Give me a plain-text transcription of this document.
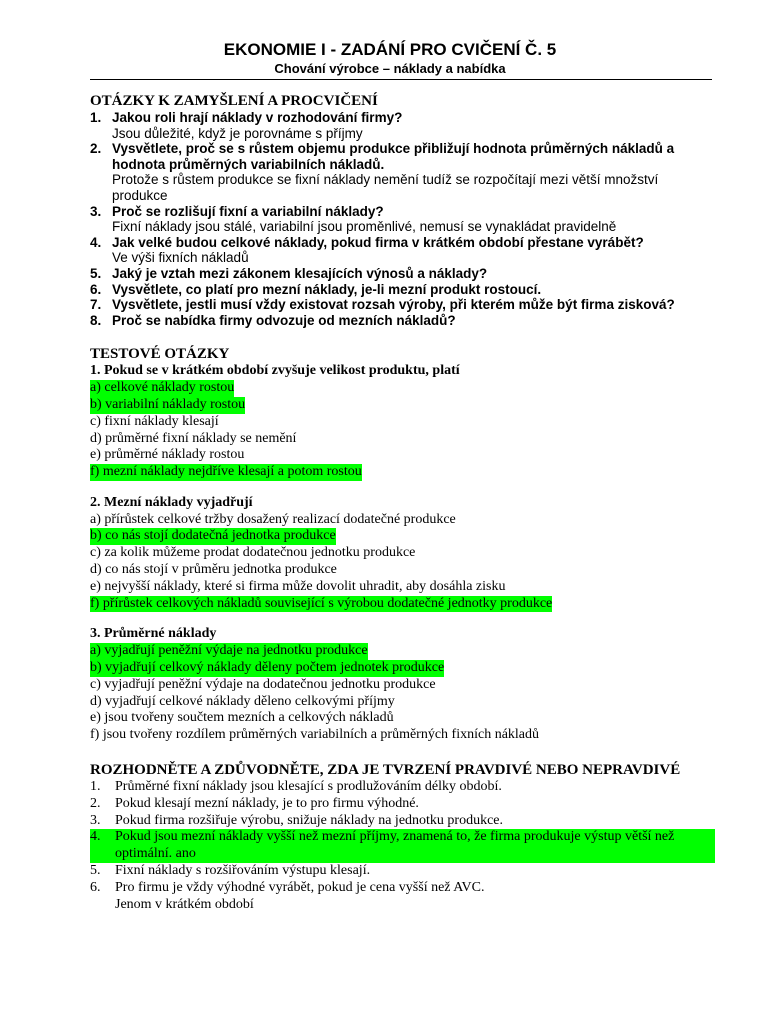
EKONOMIE I - ZADÁNÍ PRO CVIČENÍ Č. 5
Chování výrobce – náklady a nabídka
OTÁZKY K ZAMYŠLENÍ A PROCVIČENÍ
1. Jakou roli hrají náklady v rozhodování firmy?
Jsou důležité, když je porovnáme s příjmy
2. Vysvětlete, proč se s růstem objemu produkce přibližují hodnota průměrných nákladů a hodnota průměrných variabilních nákladů.
Protože s růstem produkce se fixní náklady nemění tudíž se rozpočítají mezi větší množství produkce
3. Proč se rozlišují fixní a variabilní náklady?
Fixní náklady jsou stálé, variabilní jsou proměnlivé, nemusí se vynakládat pravidelně
4. Jak velké budou celkové náklady, pokud firma v krátkém období přestane vyrábět?
Ve výši fixních nákladů
5. Jaký je vztah mezi zákonem klesajících výnosů a náklady?
6. Vysvětlete, co platí pro mezní náklady, je-li mezní produkt rostoucí.
7. Vysvětlete, jestli musí vždy existovat rozsah výroby, při kterém může být firma zisková?
8. Proč se nabídka firmy odvozuje od mezních nákladů?
TESTOVÉ OTÁZKY
1. Pokud se v krátkém období zvyšuje velikost produktu, platí
a) celkové náklady rostou
b) variabilní náklady rostou
c) fixní náklady klesají
d) průměrné fixní náklady se nemění
e) průměrné náklady rostou
f) mezní náklady nejdříve klesají a potom rostou
2. Mezní náklady vyjadřují
a) přírůstek celkové tržby dosažený realizací dodatečné produkce
b) co nás stojí dodatečná jednotka produkce
c) za kolik můžeme prodat dodatečnou jednotku produkce
d) co nás stojí v průměru jednotka produkce
e) nejvyšší náklady, které si firma může dovolit uhradit, aby dosáhla zisku
f) přírůstek celkových nákladů související s výrobou dodatečné jednotky produkce
3. Průměrné náklady
a) vyjadřují peněžní výdaje na jednotku produkce
b) vyjadřují celkový náklady děleny počtem jednotek produkce
c) vyjadřují peněžní výdaje na dodatečnou jednotku produkce
d) vyjadřují celkové náklady děleno celkovými příjmy
e) jsou tvořeny součtem mezních a celkových nákladů
f) jsou tvořeny rozdílem průměrných variabilních a průměrných fixních nákladů
ROZHODNĚTE A ZDŮVODNĚTE, ZDA JE TVRZENÍ PRAVDIVÉ NEBO NEPRAVDIVÉ
1.	Průměrné fixní náklady jsou klesající s prodlužováním délky období.
2.	Pokud klesají mezní náklady, je to pro firmu výhodné.
3.	Pokud firma rozšiřuje výrobu, snižuje náklady na jednotku produkce.
4.	Pokud jsou mezní náklady vyšší než mezní příjmy, znamená to, že firma produkuje výstup větší než optimální. ano
5.	Fixní náklady s rozšiřováním výstupu klesají.
6.	Pro firmu je vždy výhodné vyrábět, pokud je cena vyšší než AVC.
Jenom v krátkém období
